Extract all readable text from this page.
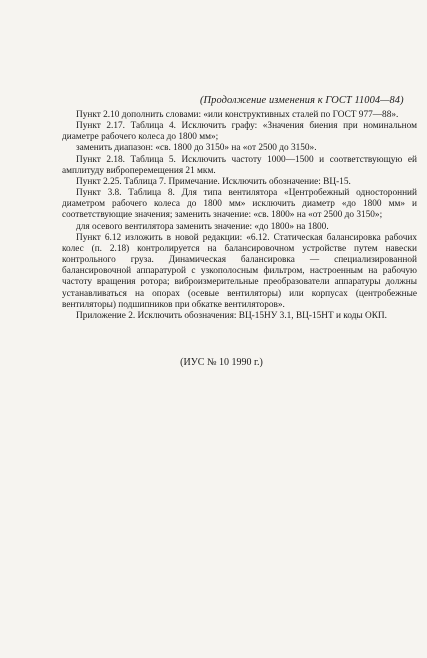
(Продолжение изменения к ГОСТ 11004—84)

Пункт 2.10 дополнить словами: «или конструктивных сталей по ГОСТ 977—88».

Пункт 2.17. Таблица 4. Исключить графу: «Значения биения при номинальном диаметре рабочего колеса до 1800 мм»;

заменить диапазон: «св. 1800 до 3150» на «от 2500 до 3150».

Пункт 2.18. Таблица 5. Исключить частоту 1000—1500 и соответствующую ей амплитуду виброперемещения 21 мкм.

Пункт 2.25. Таблица 7. Примечание. Исключить обозначение: ВЦ-15.

Пункт 3.8. Таблица 8. Для типа вентилятора «Центробежный односторонний диаметром рабочего колеса до 1800 мм» исключить диаметр «до 1800 мм» и соответствующие значения; заменить значение: «св. 1800» на «от 2500 до 3150»;

для осевого вентилятора заменить значение: «до 1800» на 1800.

Пункт 6.12 изложить в новой редакции: «6.12. Статическая балансировка рабочих колес (п. 2.18) контролируется на балансировочном устройстве путем навески контрольного груза. Динамическая балансировка — специализированной балансировочной аппаратурой с узкополосным фильтром, настроенным на рабочую частоту вращения ротора; виброизмерительные преобразователи аппаратуры должны устанавливаться на опорах (осевые вентиляторы) или корпусах (центробежные вентиляторы) подшипников при обкатке вентиляторов».

Приложение 2. Исключить обозначения: ВЦ-15НУ 3.1, ВЦ-15НТ и коды ОКП.

(ИУС № 10 1990 г.)
